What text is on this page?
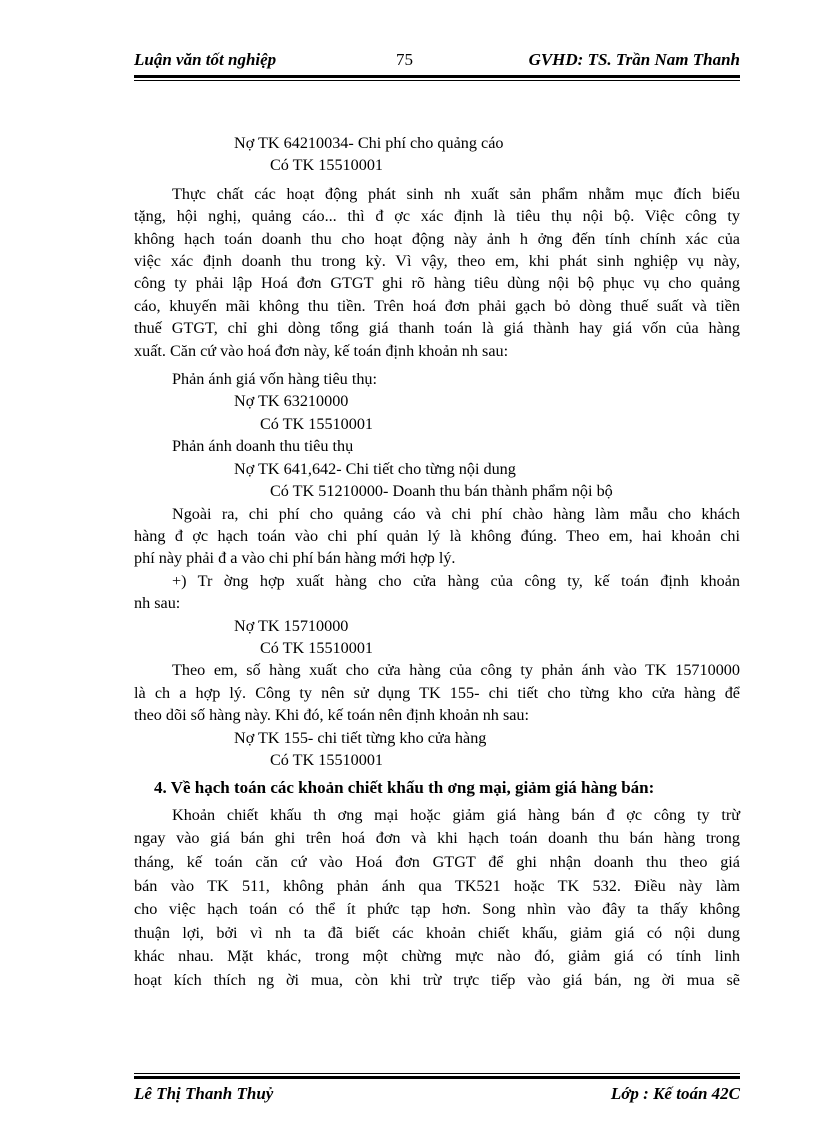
Luận văn tốt nghiệp	75	GVHD: TS. Trần Nam Thanh

Nợ TK 64210034- Chi phí cho quảng cáo

Có TK 15510001

Thực chất các hoạt động phát sinh nh xuất sản phẩm nhằm mục đích biếu

tặng, hội nghị, quảng cáo... thì đ ợc xác định là tiêu thụ nội bộ. Việc công ty

không hạch toán doanh thu cho hoạt động này ảnh h ởng đến tính chính xác của

việc xác định doanh thu trong kỳ. Vì vậy, theo em, khi phát sinh nghiệp vụ này,

công ty phải lập Hoá đơn GTGT ghi rõ hàng tiêu dùng nội bộ phục vụ cho quảng

cáo, khuyến mãi không thu tiền. Trên hoá đơn phải gạch bỏ dòng thuế suất và tiền

thuế GTGT, chỉ ghi dòng tổng giá thanh toán là giá thành hay giá vốn của hàng

xuất. Căn cứ vào hoá đơn này, kế toán định khoản nh sau:

Phản ánh giá vốn hàng tiêu thụ:

Nợ TK 63210000

Có TK 15510001

Phản ánh doanh thu tiêu thụ

Nợ TK 641,642- Chi tiết cho từng nội dung

Có TK 51210000- Doanh thu bán thành phẩm nội bộ

Ngoài ra, chi phí cho quảng cáo và chi phí chào hàng làm mẫu cho khách

hàng đ ợc hạch toán vào chi phí quản lý là không đúng. Theo em, hai khoản chi

phí này phải đ a vào chi phí bán hàng mới hợp lý.

+) Tr ờng hợp xuất hàng cho cửa hàng của công ty, kế toán định khoản

nh sau:

Nợ TK 15710000

Có TK 15510001

Theo em, số hàng xuất cho cửa hàng của công ty phản ánh vào TK 15710000

là ch a hợp lý. Công ty nên sử dụng TK 155- chi tiết cho từng kho cửa hàng để

theo dõi số hàng này. Khi đó, kế toán nên định khoản nh sau:

Nợ TK 155- chi tiết từng kho cửa hàng

Có TK 15510001

4. Về hạch toán các khoản chiết khấu th ơng mại, giảm giá hàng bán:

Khoản chiết khấu th ơng mại hoặc giảm giá hàng bán đ ợc công ty trừ

ngay vào giá bán ghi trên hoá đơn và khi hạch toán doanh thu bán hàng trong

tháng, kế toán căn cứ vào Hoá đơn GTGT để ghi nhận doanh thu theo giá

bán vào TK 511, không phản ánh qua TK521 hoặc TK 532. Điều này làm

cho việc hạch toán có thể ít phức tạp hơn. Song nhìn vào đây ta thấy không

thuận lợi, bởi vì nh ta đã biết các khoản chiết khấu, giảm giá có nội dung

khác nhau. Mặt khác, trong một chừng mực nào đó, giảm giá có tính linh

hoạt kích thích ng ời mua, còn khi trừ trực tiếp vào giá bán, ng ời mua sẽ

Lê Thị Thanh Thuỷ	Lớp : Kế toán 42C
